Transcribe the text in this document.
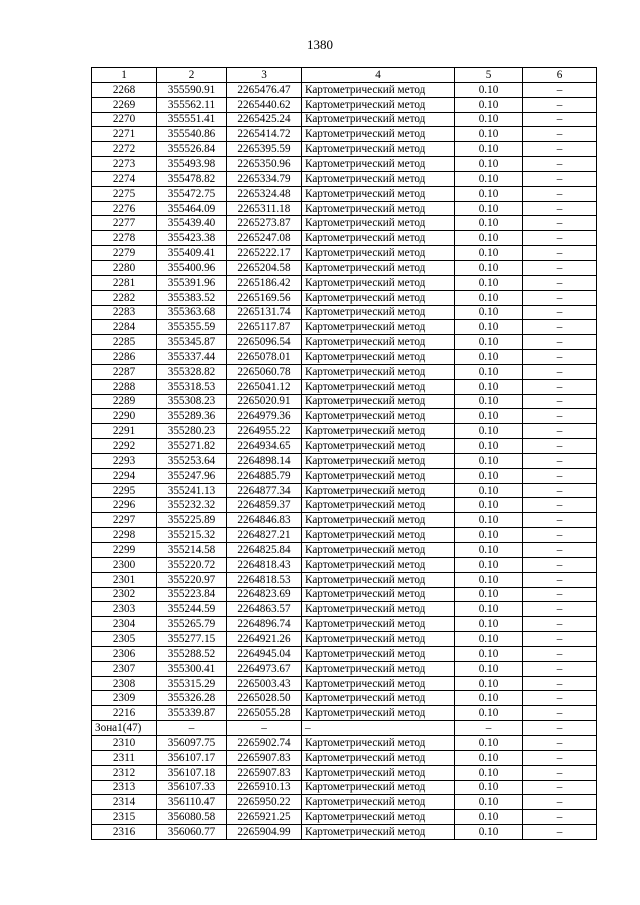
1380
1	2	3	4	5	6
2268	355590.91	2265476.47	Картометрический метод	0.10	–
2269	355562.11	2265440.62	Картометрический метод	0.10	–
2270	355551.41	2265425.24	Картометрический метод	0.10	–
2271	355540.86	2265414.72	Картометрический метод	0.10	–
2272	355526.84	2265395.59	Картометрический метод	0.10	–
2273	355493.98	2265350.96	Картометрический метод	0.10	–
2274	355478.82	2265334.79	Картометрический метод	0.10	–
2275	355472.75	2265324.48	Картометрический метод	0.10	–
2276	355464.09	2265311.18	Картометрический метод	0.10	–
2277	355439.40	2265273.87	Картометрический метод	0.10	–
2278	355423.38	2265247.08	Картометрический метод	0.10	–
2279	355409.41	2265222.17	Картометрический метод	0.10	–
2280	355400.96	2265204.58	Картометрический метод	0.10	–
2281	355391.96	2265186.42	Картометрический метод	0.10	–
2282	355383.52	2265169.56	Картометрический метод	0.10	–
2283	355363.68	2265131.74	Картометрический метод	0.10	–
2284	355355.59	2265117.87	Картометрический метод	0.10	–
2285	355345.87	2265096.54	Картометрический метод	0.10	–
2286	355337.44	2265078.01	Картометрический метод	0.10	–
2287	355328.82	2265060.78	Картометрический метод	0.10	–
2288	355318.53	2265041.12	Картометрический метод	0.10	–
2289	355308.23	2265020.91	Картометрический метод	0.10	–
2290	355289.36	2264979.36	Картометрический метод	0.10	–
2291	355280.23	2264955.22	Картометрический метод	0.10	–
2292	355271.82	2264934.65	Картометрический метод	0.10	–
2293	355253.64	2264898.14	Картометрический метод	0.10	–
2294	355247.96	2264885.79	Картометрический метод	0.10	–
2295	355241.13	2264877.34	Картометрический метод	0.10	–
2296	355232.32	2264859.37	Картометрический метод	0.10	–
2297	355225.89	2264846.83	Картометрический метод	0.10	–
2298	355215.32	2264827.21	Картометрический метод	0.10	–
2299	355214.58	2264825.84	Картометрический метод	0.10	–
2300	355220.72	2264818.43	Картометрический метод	0.10	–
2301	355220.97	2264818.53	Картометрический метод	0.10	–
2302	355223.84	2264823.69	Картометрический метод	0.10	–
2303	355244.59	2264863.57	Картометрический метод	0.10	–
2304	355265.79	2264896.74	Картометрический метод	0.10	–
2305	355277.15	2264921.26	Картометрический метод	0.10	–
2306	355288.52	2264945.04	Картометрический метод	0.10	–
2307	355300.41	2264973.67	Картометрический метод	0.10	–
2308	355315.29	2265003.43	Картометрический метод	0.10	–
2309	355326.28	2265028.50	Картометрический метод	0.10	–
2216	355339.87	2265055.28	Картометрический метод	0.10	–
Зона1(47)	–	–	–	–	–
2310	356097.75	2265902.74	Картометрический метод	0.10	–
2311	356107.17	2265907.83	Картометрический метод	0.10	–
2312	356107.18	2265907.83	Картометрический метод	0.10	–
2313	356107.33	2265910.13	Картометрический метод	0.10	–
2314	356110.47	2265950.22	Картометрический метод	0.10	–
2315	356080.58	2265921.25	Картометрический метод	0.10	–
2316	356060.77	2265904.99	Картометрический метод	0.10	–
